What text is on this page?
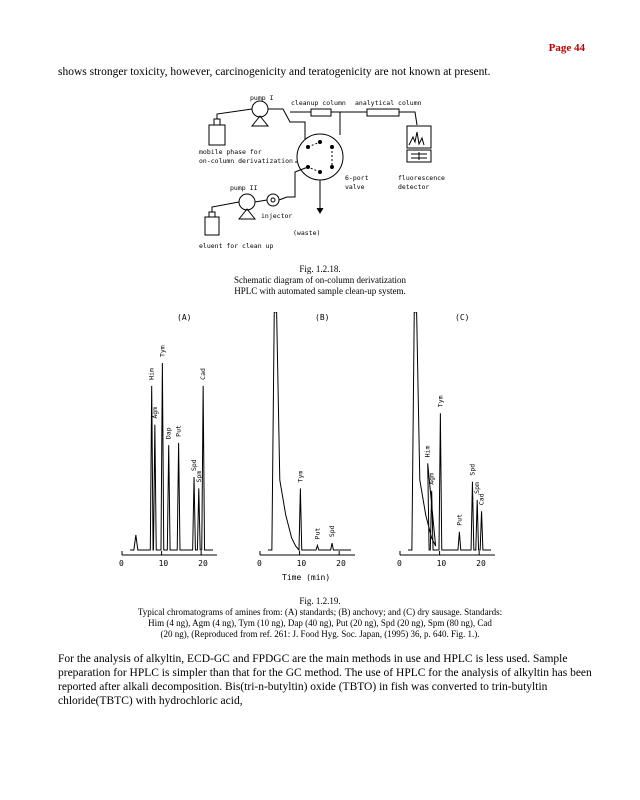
Page 44
shows stronger toxicity, however, carcinogenicity and teratogenicity are not known at present.
pump I
cleanup column analytical column
mobile phase for
on-column derivatization
6-port
valve
fluorescence
detector
pump II
injector
(waste)
eluent for clean up
Fig. 1.2.18.
Schematic diagram of on-column derivatization
HPLC with automated sample clean-up system.
0	10	20
(A)
Him
Agm
Tym
Dap Put
Spd
Spm
Cad
0	10	20
(B)
Tym
Put Spd
0	10	20
(C)
Him
Agm
Tym
Put
Spd
Spm
Cad
Time (min)
Fig. 1.2.19.
Typical chromatograms of amines from: (A) standards; (B) anchovy; and (C) dry sausage. Standards:
Him (4 ng), Agm (4 ng), Tym (10 ng), Dap (40 ng), Put (20 ng), Spd (20 ng), Spm (80 ng), Cad
(20 ng), (Reproduced from ref. 261: J. Food Hyg. Soc. Japan, (1995) 36, p. 640. Fig. 1.).
For the analysis of alkyltin, ECD-GC and FPDGC are the main methods in use and HPLC is less used. Sample preparation for HPLC is simpler than that for the GC method. The use of HPLC for the analysis of alkyltin has been reported after alkali decomposition. Bis(tri-n-butyltin) oxide (TBTO) in fish was converted to trin-butyltin chloride(TBTC) with hydrochloric acid,
